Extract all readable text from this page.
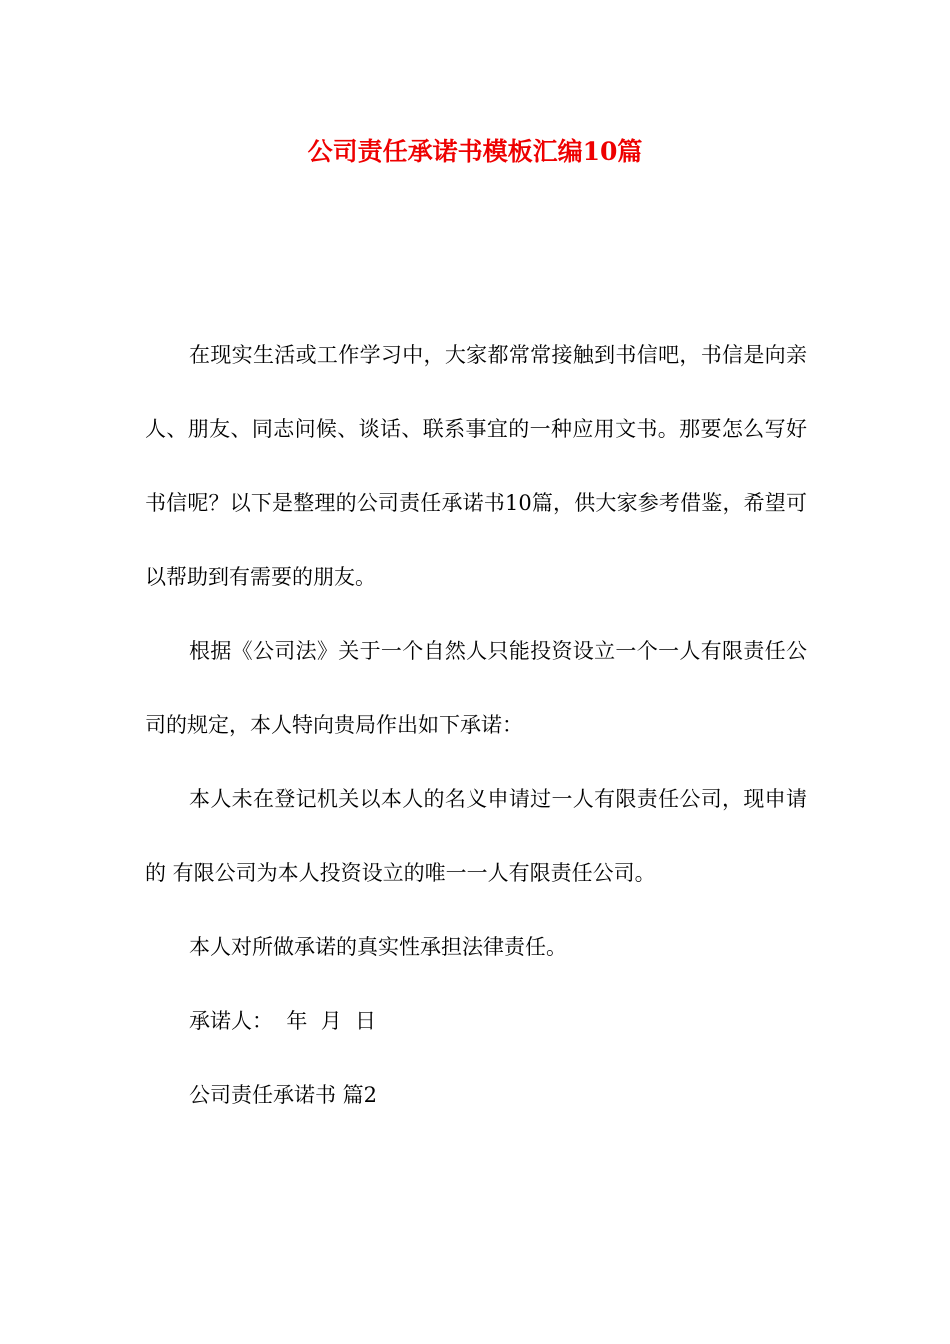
公司责任承诺书模板汇编10篇

在现实生活或工作学习中，大家都常常接触到书信吧，书信是向亲人、朋友、同志问候、谈话、联系事宜的一种应用文书。那要怎么写好书信呢？以下是整理的公司责任承诺书10篇，供大家参考借鉴，希望可以帮助到有需要的朋友。

根据《公司法》关于一个自然人只能投资设立一个一人有限责任公司的规定，本人特向贵局作出如下承诺：

本人未在登记机关以本人的名义申请过一人有限责任公司，现申请的 有限公司为本人投资设立的唯一一人有限责任公司。

本人对所做承诺的真实性承担法律责任。

承诺人：  年  月  日

公司责任承诺书 篇2
